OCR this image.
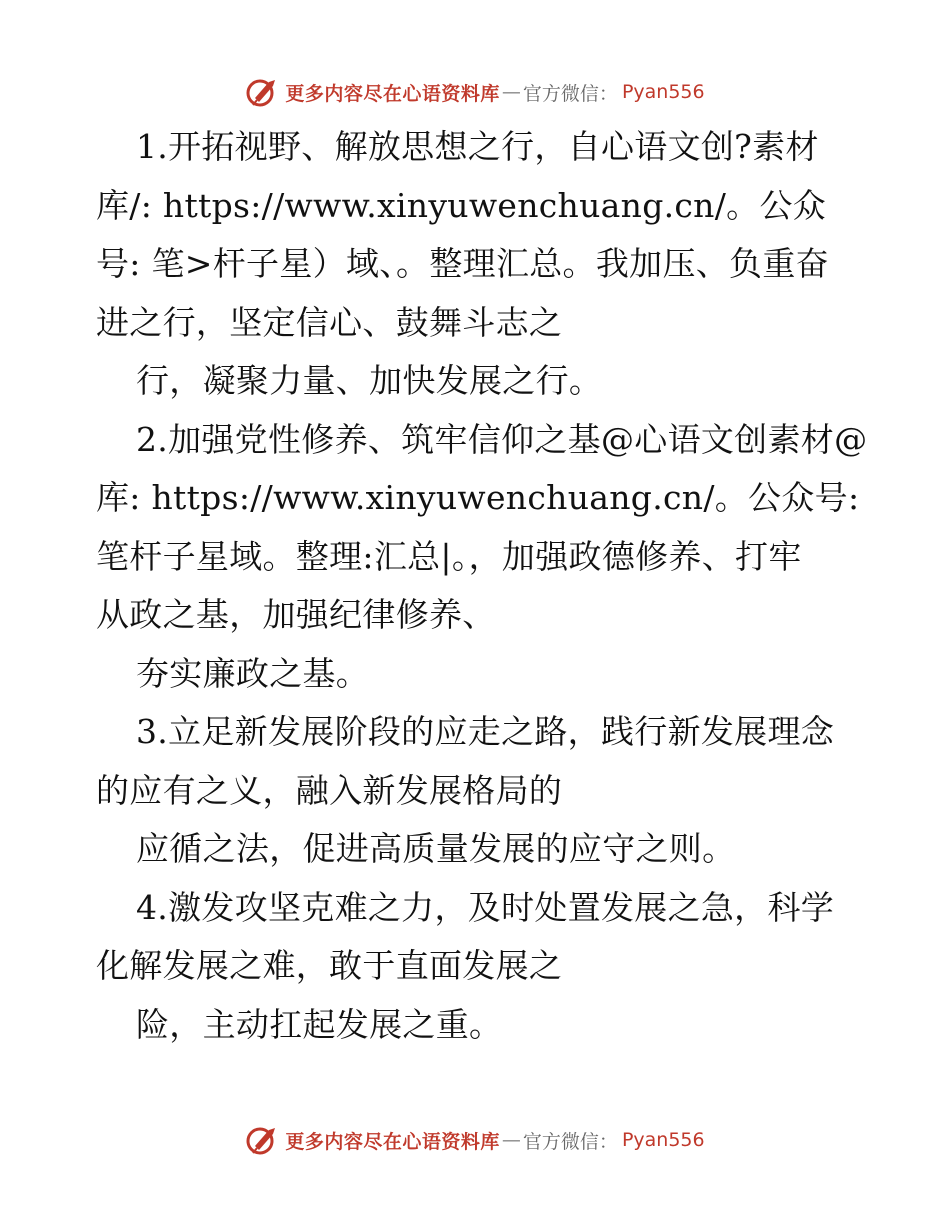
更多内容尽在心语资料库 — 官方微信： Pyan556
1.开拓视野、解放思想之行，自心语文创?素材
库/: https://www.xinyuwenchuang.cn/。公众
号: 笔>杆子星）域、。整理汇总。我加压、负重奋
进之行，坚定信心、鼓舞斗志之
行，凝聚力量、加快发展之行。
2.加强党性修养、筑牢信仰之基@心语文创素材@
库: https://www.xinyuwenchuang.cn/。公众号:
笔杆子星域。整理:汇总|。，加强政德修养、打牢
从政之基，加强纪律修养、
夯实廉政之基。
3.立足新发展阶段的应走之路，践行新发展理念
的应有之义，融入新发展格局的
应循之法，促进高质量发展的应守之则。
4.激发攻坚克难之力，及时处置发展之急，科学
化解发展之难，敢于直面发展之
险，主动扛起发展之重。
更多内容尽在心语资料库 — 官方微信： Pyan556
